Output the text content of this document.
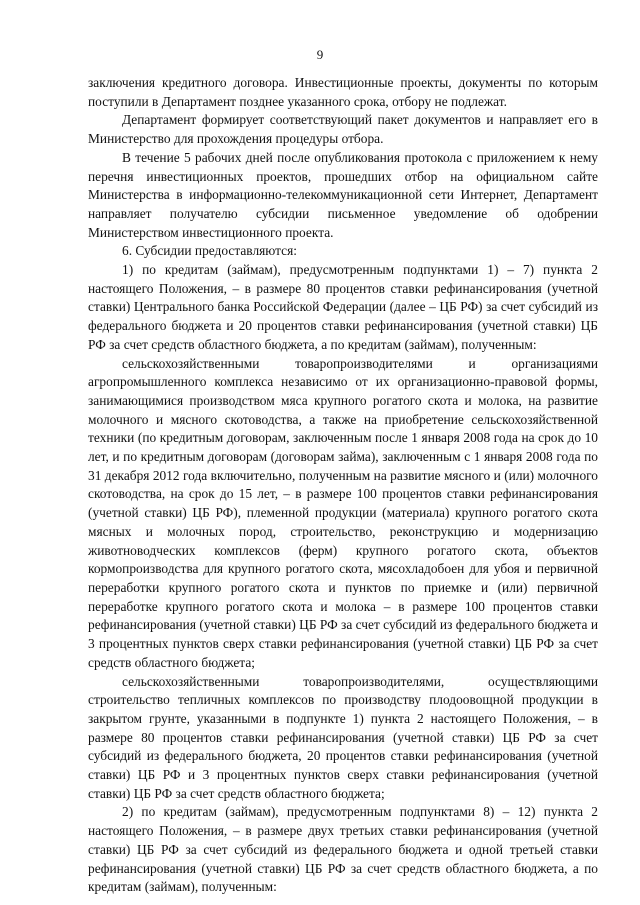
9

заключения кредитного договора. Инвестиционные проекты, документы по которым поступили в Департамент позднее указанного срока, отбору не подлежат.

Департамент формирует соответствующий пакет документов и направляет его в Министерство для прохождения процедуры отбора.

В течение 5 рабочих дней после опубликования протокола с приложением к нему перечня инвестиционных проектов, прошедших отбор на официальном сайте Министерства в информационно-телекоммуникационной сети Интернет, Департамент направляет получателю субсидии письменное уведомление об одобрении Министерством инвестиционного проекта.

6. Субсидии предоставляются:

1) по кредитам (займам), предусмотренным подпунктами 1) – 7) пункта 2 настоящего Положения, – в размере 80 процентов ставки рефинансирования (учетной ставки) Центрального банка Российской Федерации (далее – ЦБ РФ) за счет субсидий из федерального бюджета и 20 процентов ставки рефинансирования (учетной ставки) ЦБ РФ за счет средств областного бюджета, а по кредитам (займам), полученным:

сельскохозяйственными товаропроизводителями и организациями агропромышленного комплекса независимо от их организационно-правовой формы, занимающимися производством мяса крупного рогатого скота и молока, на развитие молочного и мясного скотоводства, а также на приобретение сельскохозяйственной техники (по кредитным договорам, заключенным после 1 января 2008 года на срок до 10 лет, и по кредитным договорам (договорам займа), заключенным с 1 января 2008 года по 31 декабря 2012 года включительно, полученным на развитие мясного и (или) молочного скотоводства, на срок до 15 лет, – в размере 100 процентов ставки рефинансирования (учетной ставки) ЦБ РФ), племенной продукции (материала) крупного рогатого скота мясных и молочных пород, строительство, реконструкцию и модернизацию животноводческих комплексов (ферм) крупного рогатого скота, объектов кормопроизводства для крупного рогатого скота, мясохладобоен для убоя и первичной переработки крупного рогатого скота и пунктов по приемке и (или) первичной переработке крупного рогатого скота и молока – в размере 100 процентов ставки рефинансирования (учетной ставки) ЦБ РФ за счет субсидий из федерального бюджета и 3 процентных пунктов сверх ставки рефинансирования (учетной ставки) ЦБ РФ за счет средств областного бюджета;

сельскохозяйственными товаропроизводителями, осуществляющими строительство тепличных комплексов по производству плодоовощной продукции в закрытом грунте, указанными в подпункте 1) пункта 2 настоящего Положения, – в размере 80 процентов ставки рефинансирования (учетной ставки) ЦБ РФ за счет субсидий из федерального бюджета, 20 процентов ставки рефинансирования (учетной ставки) ЦБ РФ и 3 процентных пунктов сверх ставки рефинансирования (учетной ставки) ЦБ РФ за счет средств областного бюджета;

2) по кредитам (займам), предусмотренным подпунктами 8) – 12) пункта 2 настоящего Положения, – в размере двух третьих ставки рефинансирования (учетной ставки) ЦБ РФ за счет субсидий из федерального бюджета и одной третьей ставки рефинансирования (учетной ставки) ЦБ РФ за счет средств областного бюджета, а по кредитам (займам), полученным:
